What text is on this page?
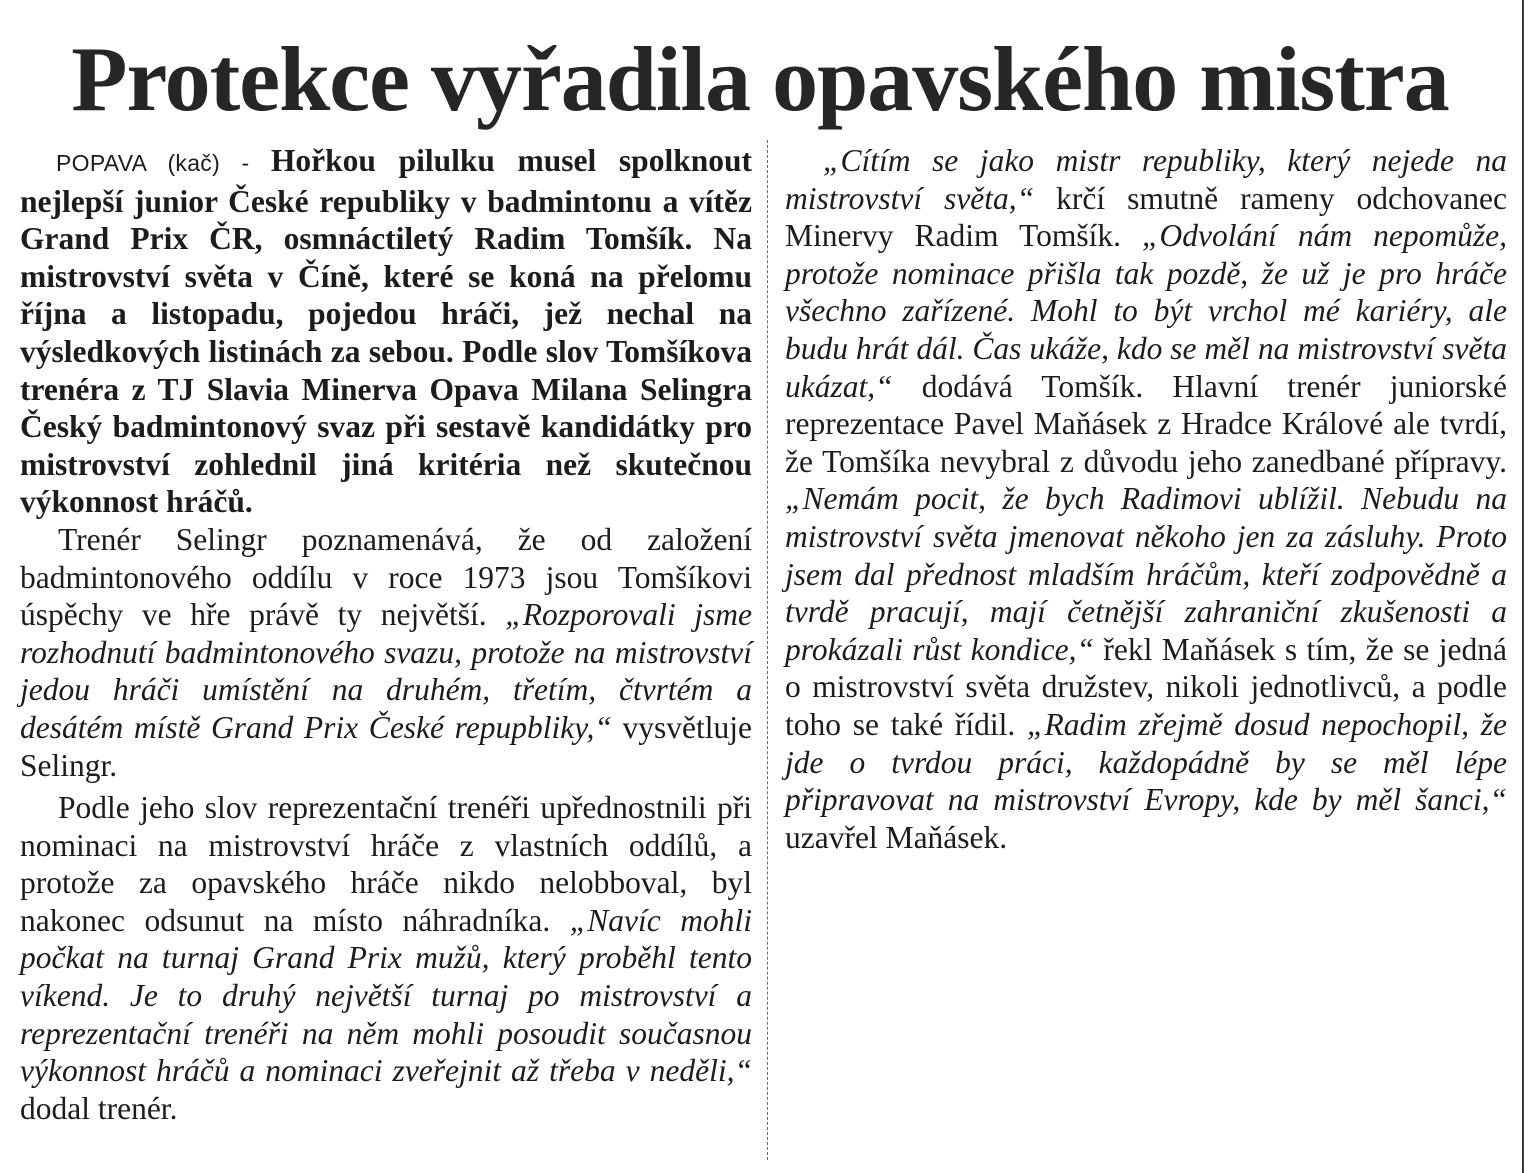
Protekce vyřadila opavského mistra

POPAVA (kač) - Hořkou pilulku musel spolknout nejlepší junior České republiky v badmintonu a vítěz Grand Prix ČR, osmnáctiletý Radim Tomšík. Na mistrovství světa v Číně, které se koná na přelomu října a listopadu, pojedou hráči, jež nechal na výsledkových listinách za sebou. Podle slov Tomšíkova trenéra z TJ Slavia Minerva Opava Milana Selingra Český badmintonový svaz při sestavě kandidátky pro mistrovství zohlednil jiná kritéria než skutečnou výkonnost hráčů.

Trenér Selingr poznamenává, že od založení badmintonového oddílu v roce 1973 jsou Tomšíkovi úspěchy ve hře právě ty největší. „Rozporovali jsme rozhodnutí badmintonového svazu, protože na mistrovství jedou hráči umístění na druhém, třetím, čtvrtém a desátém místě Grand Prix České repupbliky,“ vysvětluje Selingr.

Podle jeho slov reprezentační trenéři upřednostnili při nominaci na mistrovství hráče z vlastních oddílů, a protože za opavského hráče nikdo nelobboval, byl nakonec odsunut na místo náhradníka. „Navíc mohli počkat na turnaj Grand Prix mužů, který proběhl tento víkend. Je to druhý největší turnaj po mistrovství a reprezentační trenéři na něm mohli posoudit současnou výkonnost hráčů a nominaci zveřejnit až třeba v neděli,“ dodal trenér.

„Cítím se jako mistr republiky, který nejede na mistrovství světa,“ krčí smutně rameny odchovanec Minervy Radim Tomšík. „Odvolání nám nepomůže, protože nominace přišla tak pozdě, že už je pro hráče všechno zařízené. Mohl to být vrchol mé kariéry, ale budu hrát dál. Čas ukáže, kdo se měl na mistrovství světa ukázat,“ dodává Tomšík. Hlavní trenér juniorské reprezentace Pavel Maňásek z Hradce Králové ale tvrdí, že Tomšíka nevybral z důvodu jeho zanedbané přípravy. „Nemám pocit, že bych Radimovi ublížil. Nebudu na mistrovství světa jmenovat někoho jen za zásluhy. Proto jsem dal přednost mladším hráčům, kteří zodpovědně a tvrdě pracují, mají četnější zahraniční zkušenosti a prokázali růst kondice,“ řekl Maňásek s tím, že se jedná o mistrovství světa družstev, nikoli jednotlivců, a podle toho se také řídil. „Radim zřejmě dosud nepochopil, že jde o tvrdou práci, každopádně by se měl lépe připravovat na mistrovství Evropy, kde by měl šanci,“ uzavřel Maňásek.
